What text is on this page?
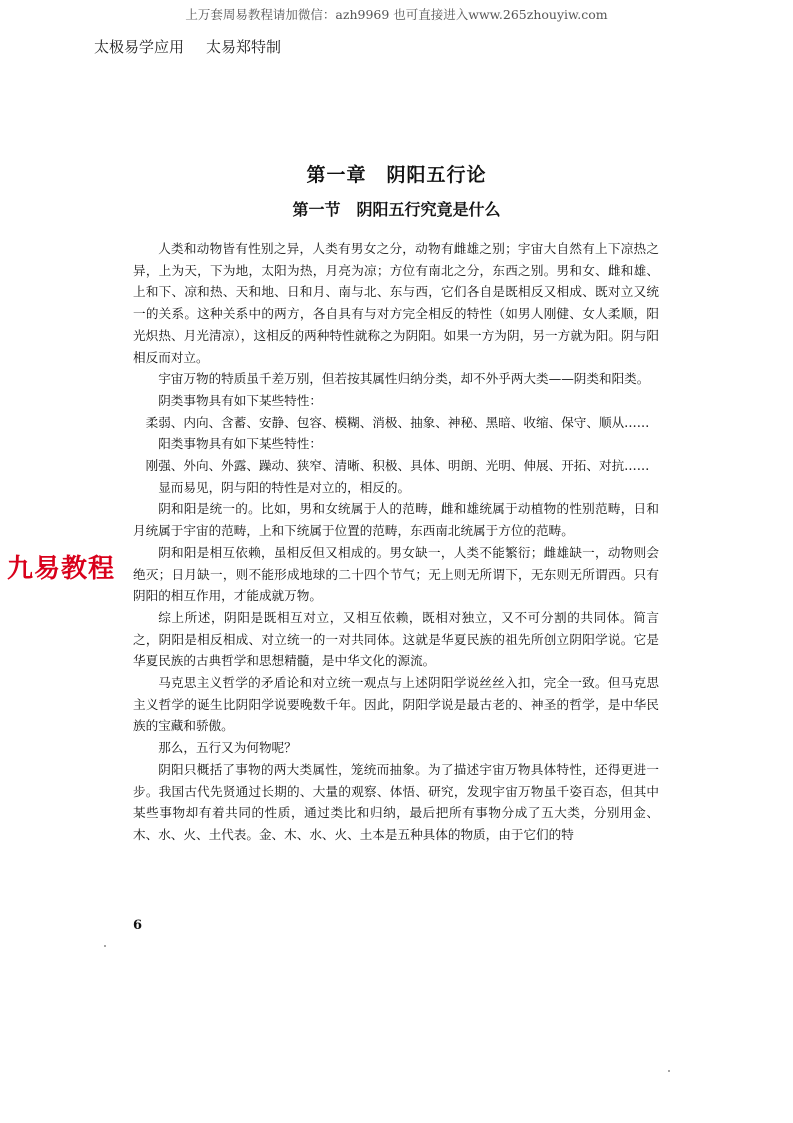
上万套周易教程请加微信：azh9969 也可直接进入www.265zhouyiw.com
太极易学应用 太易郑特制
第一章 阴阳五行论
第一节 阴阳五行究竟是什么

人类和动物皆有性别之异，人类有男女之分，动物有雌雄之别；宇宙大自然有上下凉热之异，上为天，下为地，太阳为热，月亮为凉；方位有南北之分，东西之别。男和女、雌和雄、上和下、凉和热、天和地、日和月、南与北、东与西，它们各自是既相反又相成、既对立又统一的关系。这种关系中的两方，各自具有与对方完全相反的特性（如男人刚健、女人柔顺，阳光炽热、月光清凉），这相反的两种特性就称之为阴阳。如果一方为阴，另一方就为阳。阴与阳相反而对立。

宇宙万物的特质虽千差万别，但若按其属性归纳分类，却不外乎两大类——阴类和阳类。

阴类事物具有如下某些特性：

柔弱、内向、含蓄、安静、包容、模糊、消极、抽象、神秘、黑暗、收缩、保守、顺从……

阳类事物具有如下某些特性：

刚强、外向、外露、躁动、狭窄、清晰、积极、具体、明朗、光明、伸展、开拓、对抗……

显而易见，阴与阳的特性是对立的，相反的。

阴和阳是统一的。比如，男和女统属于人的范畴，雌和雄统属于动植物的性别范畴，日和月统属于宇宙的范畴，上和下统属于位置的范畴，东西南北统属于方位的范畴。

阴和阳是相互依赖，虽相反但又相成的。男女缺一，人类不能繁衍；雌雄缺一，动物则会绝灭；日月缺一，则不能形成地球的二十四个节气；无上则无所谓下，无东则无所谓西。只有阴阳的相互作用，才能成就万物。

综上所述，阴阳是既相互对立，又相互依赖，既相对独立，又不可分割的共同体。简言之，阴阳是相反相成、对立统一的一对共同体。这就是华夏民族的祖先所创立阴阳学说。它是华夏民族的古典哲学和思想精髓，是中华文化的源流。

马克思主义哲学的矛盾论和对立统一观点与上述阴阳学说丝丝入扣，完全一致。但马克思主义哲学的诞生比阴阳学说要晚数千年。因此，阴阳学说是最古老的、神圣的哲学，是中华民族的宝藏和骄傲。

那么，五行又为何物呢？

阴阳只概括了事物的两大类属性，笼统而抽象。为了描述宇宙万物具体特性，还得更进一步。我国古代先贤通过长期的、大量的观察、体悟、研究，发现宇宙万物虽千姿百态，但其中某些事物却有着共同的性质，通过类比和归纳，最后把所有事物分成了五大类，分别用金、木、水、火、土代表。金、木、水、火、土本是五种具体的物质，由于它们的特

九易教程
6
